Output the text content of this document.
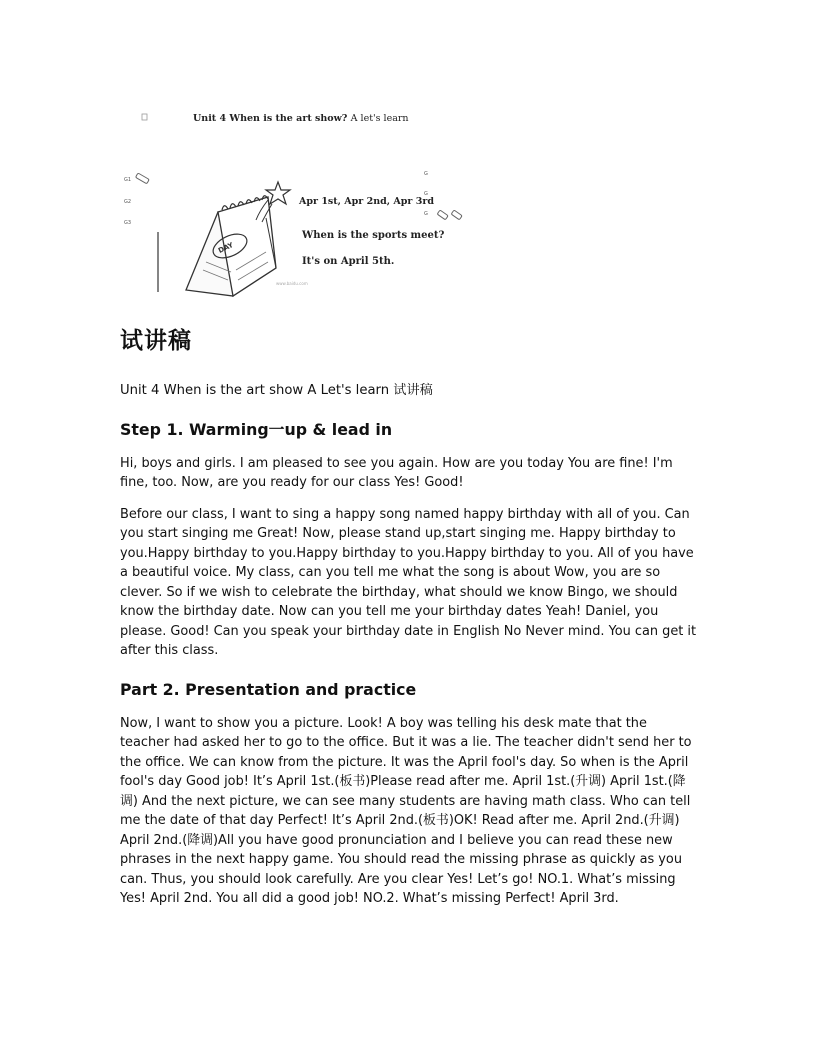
Unit 4 When is the art show? A let's learn
G1
G2
G3
G
G
G
DAY
Apr 1st, Apr 2nd, Apr 3rd
When is the sports meet?
It's on April 5th.
www.baidu.com
试讲稿

Unit 4 When is the art show A Let's learn 试讲稿

Step 1. Warming一up & lead in

Hi, boys and girls. I am pleased to see you again. How are you today You are fine! I'm fine, too. Now, are you ready for our class Yes! Good!

Before our class, I want to sing a happy song named happy birthday with all of you. Can you start singing me Great! Now, please stand up,start singing me. Happy birthday to you.Happy birthday to you.Happy birthday to you.Happy birthday to you. All of you have a beautiful voice. My class, can you tell me what the song is about Wow, you are so clever. So if we wish to celebrate the birthday, what should we know Bingo, we should know the birthday date. Now can you tell me your birthday dates Yeah! Daniel, you please. Good! Can you speak your birthday date in English No Never mind. You can get it after this class.

Part 2. Presentation and practice

Now, I want to show you a picture. Look! A boy was telling his desk mate that the teacher had asked her to go to the office. But it was a lie. The teacher didn't send her to the office. We can know from the picture. It was the April fool's day. So when is the April fool's day Good job! It’s April 1st.(板书)Please read after me. April 1st.(升调) April 1st.(降调) And the next picture, we can see many students are having math class. Who can tell me the date of that day Perfect! It’s April 2nd.(板书)OK! Read after me. April 2nd.(升调) April 2nd.(降调)All you have good pronunciation and I believe you can read these new phrases in the next happy game. You should read the missing phrase as quickly as you can. Thus, you should look carefully. Are you clear Yes! Let’s go! NO.1. What’s missing Yes! April 2nd. You all did a good job! NO.2. What’s missing Perfect! April 3rd.
